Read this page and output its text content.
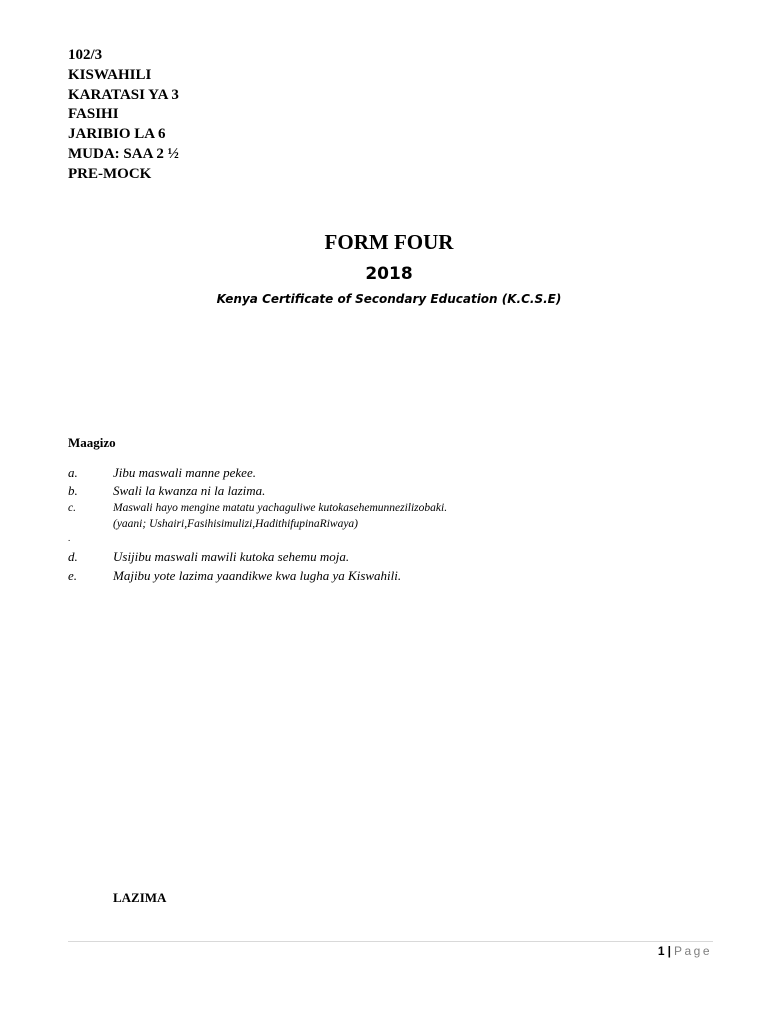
102/3
KISWAHILI
KARATASI YA 3
FASIHI
JARIBIO LA 6
MUDA: SAA 2 ½
PRE-MOCK
FORM FOUR
2018
Kenya Certificate of Secondary Education (K.C.S.E)
Maagizo
a.	Jibu maswali manne pekee.
b.	Swali la kwanza ni la lazima.
c.	Maswali hayo mengine matatu yachaguliwe kutokasehemunnezilizobaki.
(yaani; Ushairi,Fasihisimulizi,HadithifupinaRiwaya)
.
d.	Usijibu maswali mawili kutoka sehemu moja.
e.	Majibu yote lazima yaandikwe kwa lugha ya Kiswahili.
LAZIMA
1 | Page
